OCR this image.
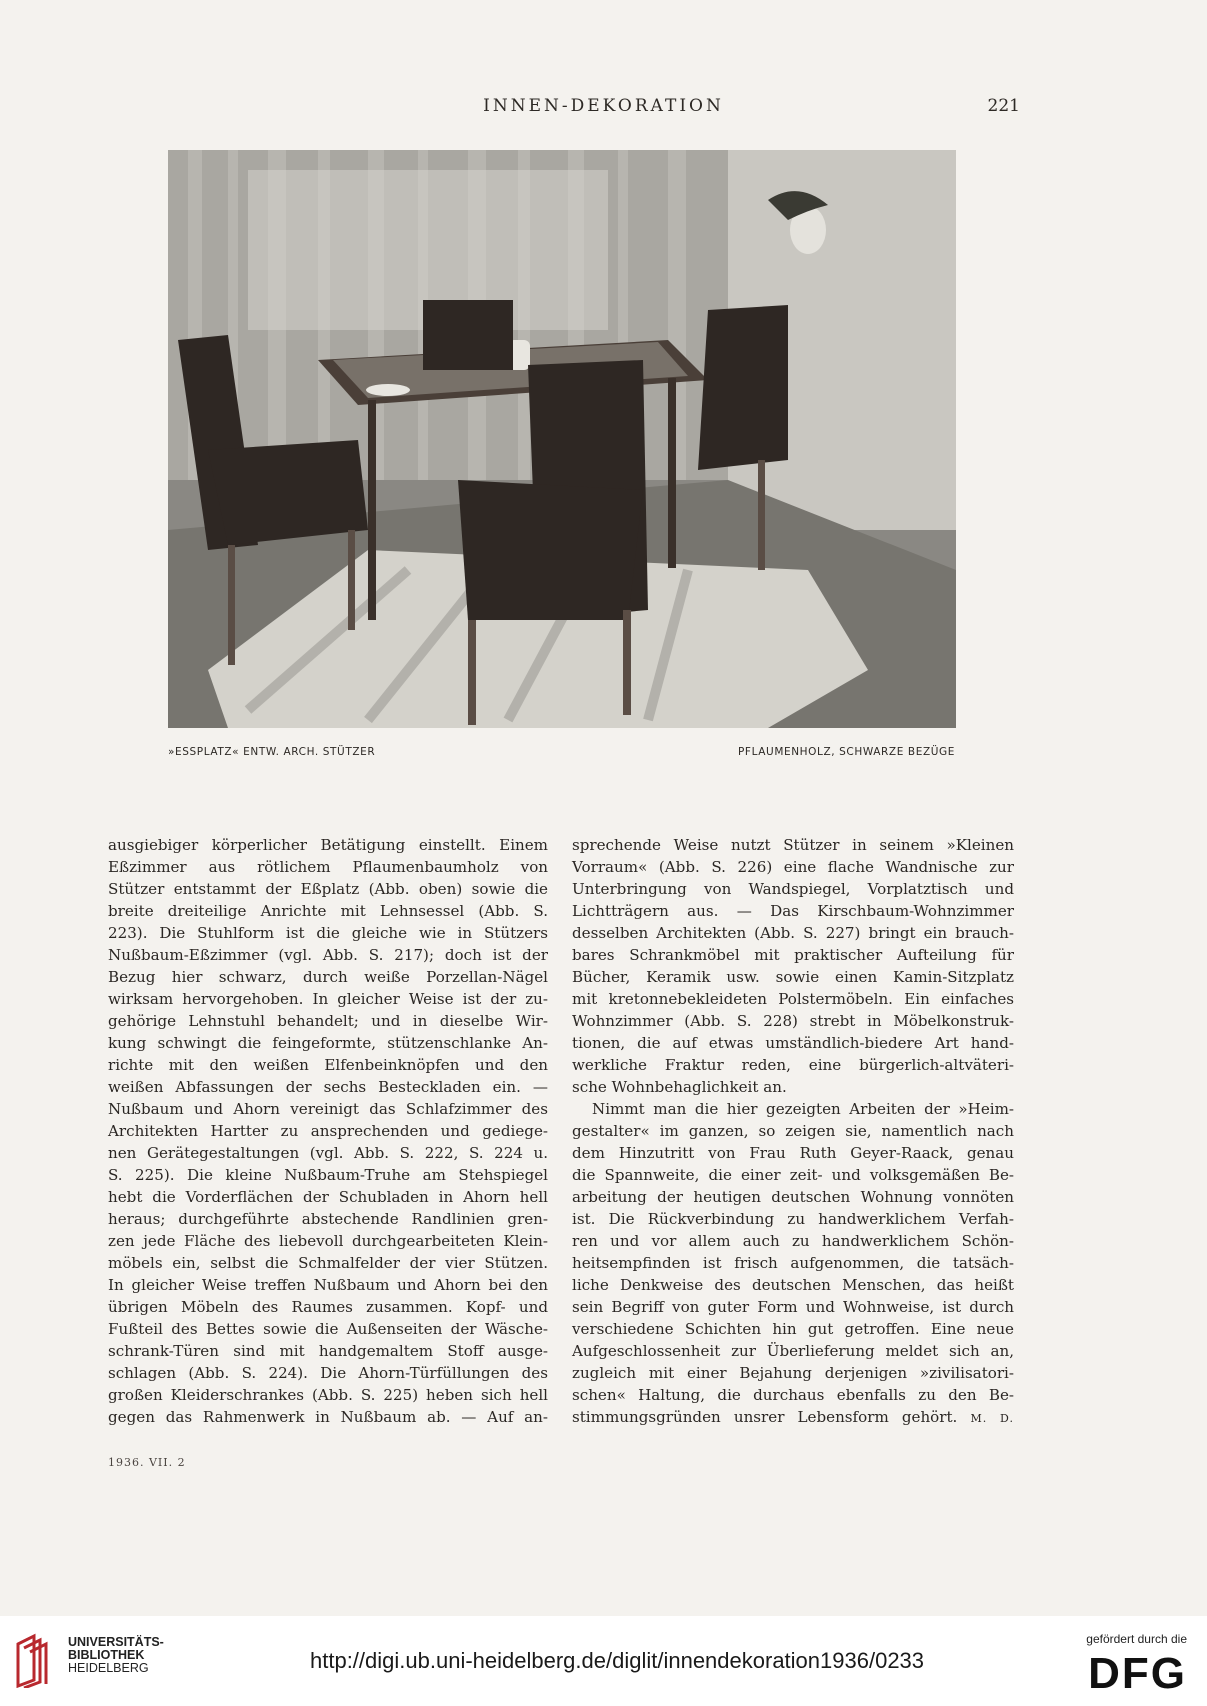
INNEN-DEKORATION	221
»ESSPLATZ« ENTW. ARCH. STÜTZER	PFLAUMENHOLZ, SCHWARZE BEZÜGE

ausgiebiger körperlicher Betätigung einstellt. Einem
Eßzimmer aus rötlichem Pflaumenbaumholz von
Stützer entstammt der Eßplatz (Abb. oben) sowie die
breite dreiteilige Anrichte mit Lehnsessel (Abb. S.
223). Die Stuhlform ist die gleiche wie in Stützers
Nußbaum-Eßzimmer (vgl. Abb. S. 217); doch ist der
Bezug hier schwarz, durch weiße Porzellan-Nägel
wirksam hervorgehoben. In gleicher Weise ist der zu-
gehörige Lehnstuhl behandelt; und in dieselbe Wir-
kung schwingt die feingeformte, stützenschlanke An-
richte mit den weißen Elfenbeinknöpfen und den
weißen Abfassungen der sechs Besteckladen ein. —
Nußbaum und Ahorn vereinigt das Schlafzimmer des
Architekten Hartter zu ansprechenden und gediege-
nen Gerätegestaltungen (vgl. Abb. S. 222, S. 224 u.
S. 225). Die kleine Nußbaum-Truhe am Stehspiegel
hebt die Vorderflächen der Schubladen in Ahorn hell
heraus; durchgeführte abstechende Randlinien gren-
zen jede Fläche des liebevoll durchgearbeiteten Klein-
möbels ein, selbst die Schmalfelder der vier Stützen.
In gleicher Weise treffen Nußbaum und Ahorn bei den
übrigen Möbeln des Raumes zusammen. Kopf- und
Fußteil des Bettes sowie die Außenseiten der Wäsche-
schrank-Türen sind mit handgemaltem Stoff ausge-
schlagen (Abb. S. 224). Die Ahorn-Türfüllungen des
großen Kleiderschrankes (Abb. S. 225) heben sich hell
gegen das Rahmenwerk in Nußbaum ab. — Auf an-

sprechende Weise nutzt Stützer in seinem »Kleinen
Vorraum« (Abb. S. 226) eine flache Wandnische zur
Unterbringung von Wandspiegel, Vorplatztisch und
Lichtträgern aus. — Das Kirschbaum-Wohnzimmer
desselben Architekten (Abb. S. 227) bringt ein brauch-
bares Schrankmöbel mit praktischer Aufteilung für
Bücher, Keramik usw. sowie einen Kamin-Sitzplatz
mit kretonnebekleideten Polstermöbeln. Ein einfaches
Wohnzimmer (Abb. S. 228) strebt in Möbelkonstruk-
tionen, die auf etwas umständlich-biedere Art hand-
werkliche Fraktur reden, eine bürgerlich-altväteri-
sche Wohnbehaglichkeit an.

Nimmt man die hier gezeigten Arbeiten der »Heim-
gestalter« im ganzen, so zeigen sie, namentlich nach
dem Hinzutritt von Frau Ruth Geyer-Raack, genau
die Spannweite, die einer zeit- und volksgemäßen Be-
arbeitung der heutigen deutschen Wohnung vonnöten
ist. Die Rückverbindung zu handwerklichem Verfah-
ren und vor allem auch zu handwerklichem Schön-
heitsempfinden ist frisch aufgenommen, die tatsäch-
liche Denkweise des deutschen Menschen, das heißt
sein Begriff von guter Form und Wohnweise, ist durch
verschiedene Schichten hin gut getroffen. Eine neue
Aufgeschlossenheit zur Überlieferung meldet sich an,
zugleich mit einer Bejahung derjenigen »zivilisatori-
schen« Haltung, die durchaus ebenfalls zu den Be-
stimmungsgründen unsrer Lebensform gehört. M. D.

1936. VII. 2
UNIVERSITÄTS-
BIBLIOTHEK
HEIDELBERG	http://digi.ub.uni-heidelberg.de/diglit/innendekoration1936/0233
gefördert durch die
DFG
